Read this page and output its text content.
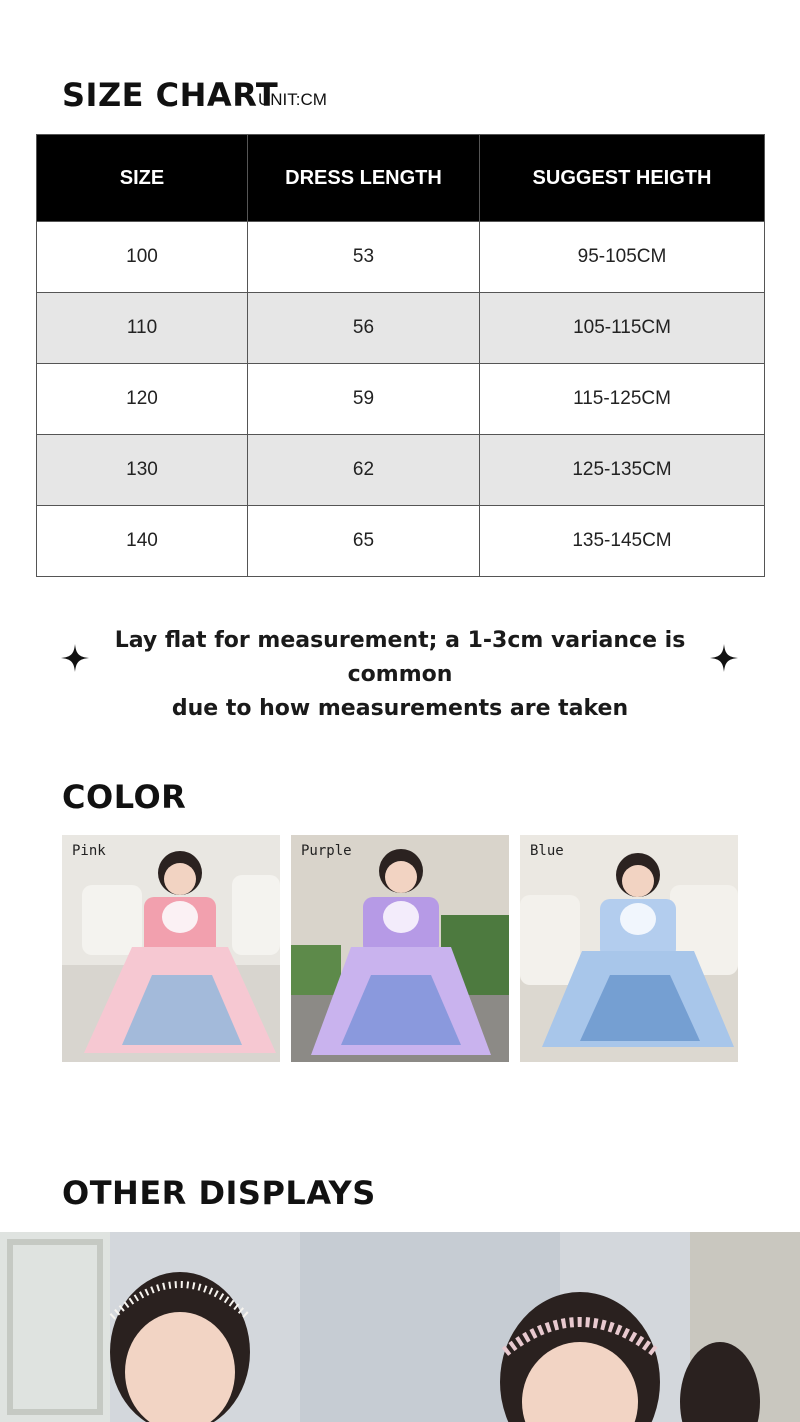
SIZE CHART
UNIT:CM
SIZE	DRESS LENGTH	SUGGEST HEIGTH
100	53	95-105CM
110	56	105-115CM
120	59	115-125CM
130	62	125-135CM
140	65	135-145CM
Lay flat for measurement; a 1-3cm variance is common
due to how measurements are taken
COLOR
Pink	Purple	Blue
OTHER DISPLAYS
